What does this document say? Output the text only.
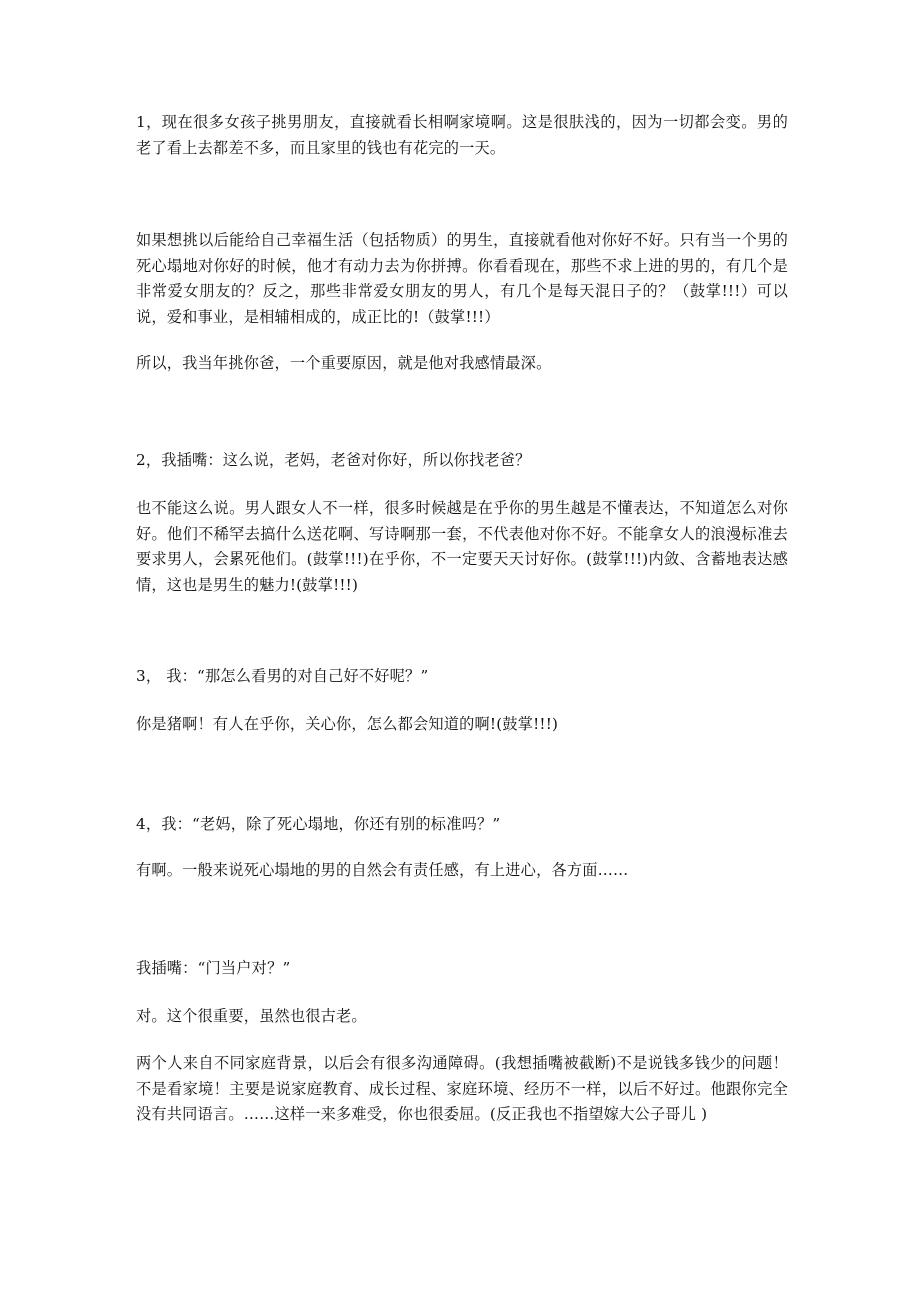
1，现在很多女孩子挑男朋友，直接就看长相啊家境啊。这是很肤浅的，因为一切都会变。男的老了看上去都差不多，而且家里的钱也有花完的一天。

如果想挑以后能给自己幸福生活（包括物质）的男生，直接就看他对你好不好。只有当一个男的死心塌地对你好的时候，他才有动力去为你拼搏。你看看现在，那些不求上进的男的，有几个是非常爱女朋友的？反之，那些非常爱女朋友的男人，有几个是每天混日子的？（鼓掌!!!）可以说，爱和事业，是相辅相成的，成正比的!（鼓掌!!!）

所以，我当年挑你爸，一个重要原因，就是他对我感情最深。

2，我插嘴：这么说，老妈，老爸对你好，所以你找老爸？

也不能这么说。男人跟女人不一样，很多时候越是在乎你的男生越是不懂表达，不知道怎么对你好。他们不稀罕去搞什么送花啊、写诗啊那一套，不代表他对你不好。不能拿女人的浪漫标准去要求男人，会累死他们。(鼓掌!!!)在乎你，不一定要天天讨好你。(鼓掌!!!)内敛、含蓄地表达感情，这也是男生的魅力!(鼓掌!!!)

3， 我：“那怎么看男的对自己好不好呢？”

你是猪啊！有人在乎你，关心你，怎么都会知道的啊!(鼓掌!!!)

4，我：“老妈，除了死心塌地，你还有别的标准吗？”

有啊。一般来说死心塌地的男的自然会有责任感，有上进心，各方面……

我插嘴：“门当户对？”

对。这个很重要，虽然也很古老。

两个人来自不同家庭背景，以后会有很多沟通障碍。(我想插嘴被截断)不是说钱多钱少的问题！不是看家境！主要是说家庭教育、成长过程、家庭环境、经历不一样，以后不好过。他跟你完全没有共同语言。……这样一来多难受，你也很委屈。(反正我也不指望嫁大公子哥儿 )
